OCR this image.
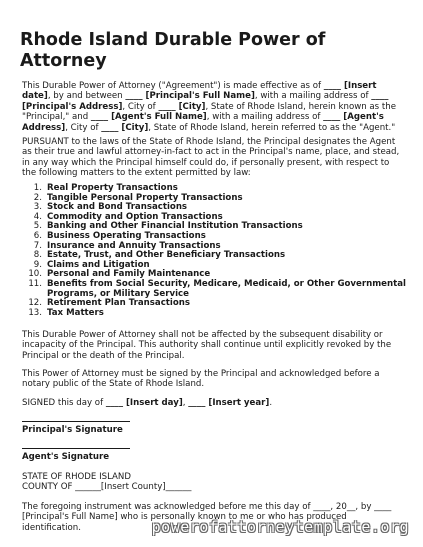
Rhode Island Durable Power of Attorney

This Durable Power of Attorney ("Agreement") is made effective as of ____ [Insert date], by and between ____ [Principal's Full Name], with a mailing address of ____ [Principal's Address], City of ____ [City], State of Rhode Island, herein known as the "Principal," and ____ [Agent's Full Name], with a mailing address of ____ [Agent's Address], City of ____ [City], State of Rhode Island, herein referred to as the "Agent."

PURSUANT to the laws of the State of Rhode Island, the Principal designates the Agent as their true and lawful attorney-in-fact to act in the Principal's name, place, and stead, in any way which the Principal himself could do, if personally present, with respect to the following matters to the extent permitted by law:

1. Real Property Transactions
2. Tangible Personal Property Transactions
3. Stock and Bond Transactions
4. Commodity and Option Transactions
5. Banking and Other Financial Institution Transactions
6. Business Operating Transactions
7. Insurance and Annuity Transactions
8. Estate, Trust, and Other Beneficiary Transactions
9. Claims and Litigation
10. Personal and Family Maintenance
11. Benefits from Social Security, Medicare, Medicaid, or Other Governmental Programs, or Military Service
12. Retirement Plan Transactions
13. Tax Matters

This Durable Power of Attorney shall not be affected by the subsequent disability or incapacity of the Principal. This authority shall continue until explicitly revoked by the Principal or the death of the Principal.

This Power of Attorney must be signed by the Principal and acknowledged before a notary public of the State of Rhode Island.

SIGNED this day of ____ [Insert day], ____ [Insert year].

Principal's Signature
Agent's Signature
STATE OF RHODE ISLAND
COUNTY OF ______[Insert County]______

The foregoing instrument was acknowledged before me this day of ____, 20__, by ____ [Principal's Full Name] who is personally known to me or who has produced identification.	powerofattorneytemplate.org
